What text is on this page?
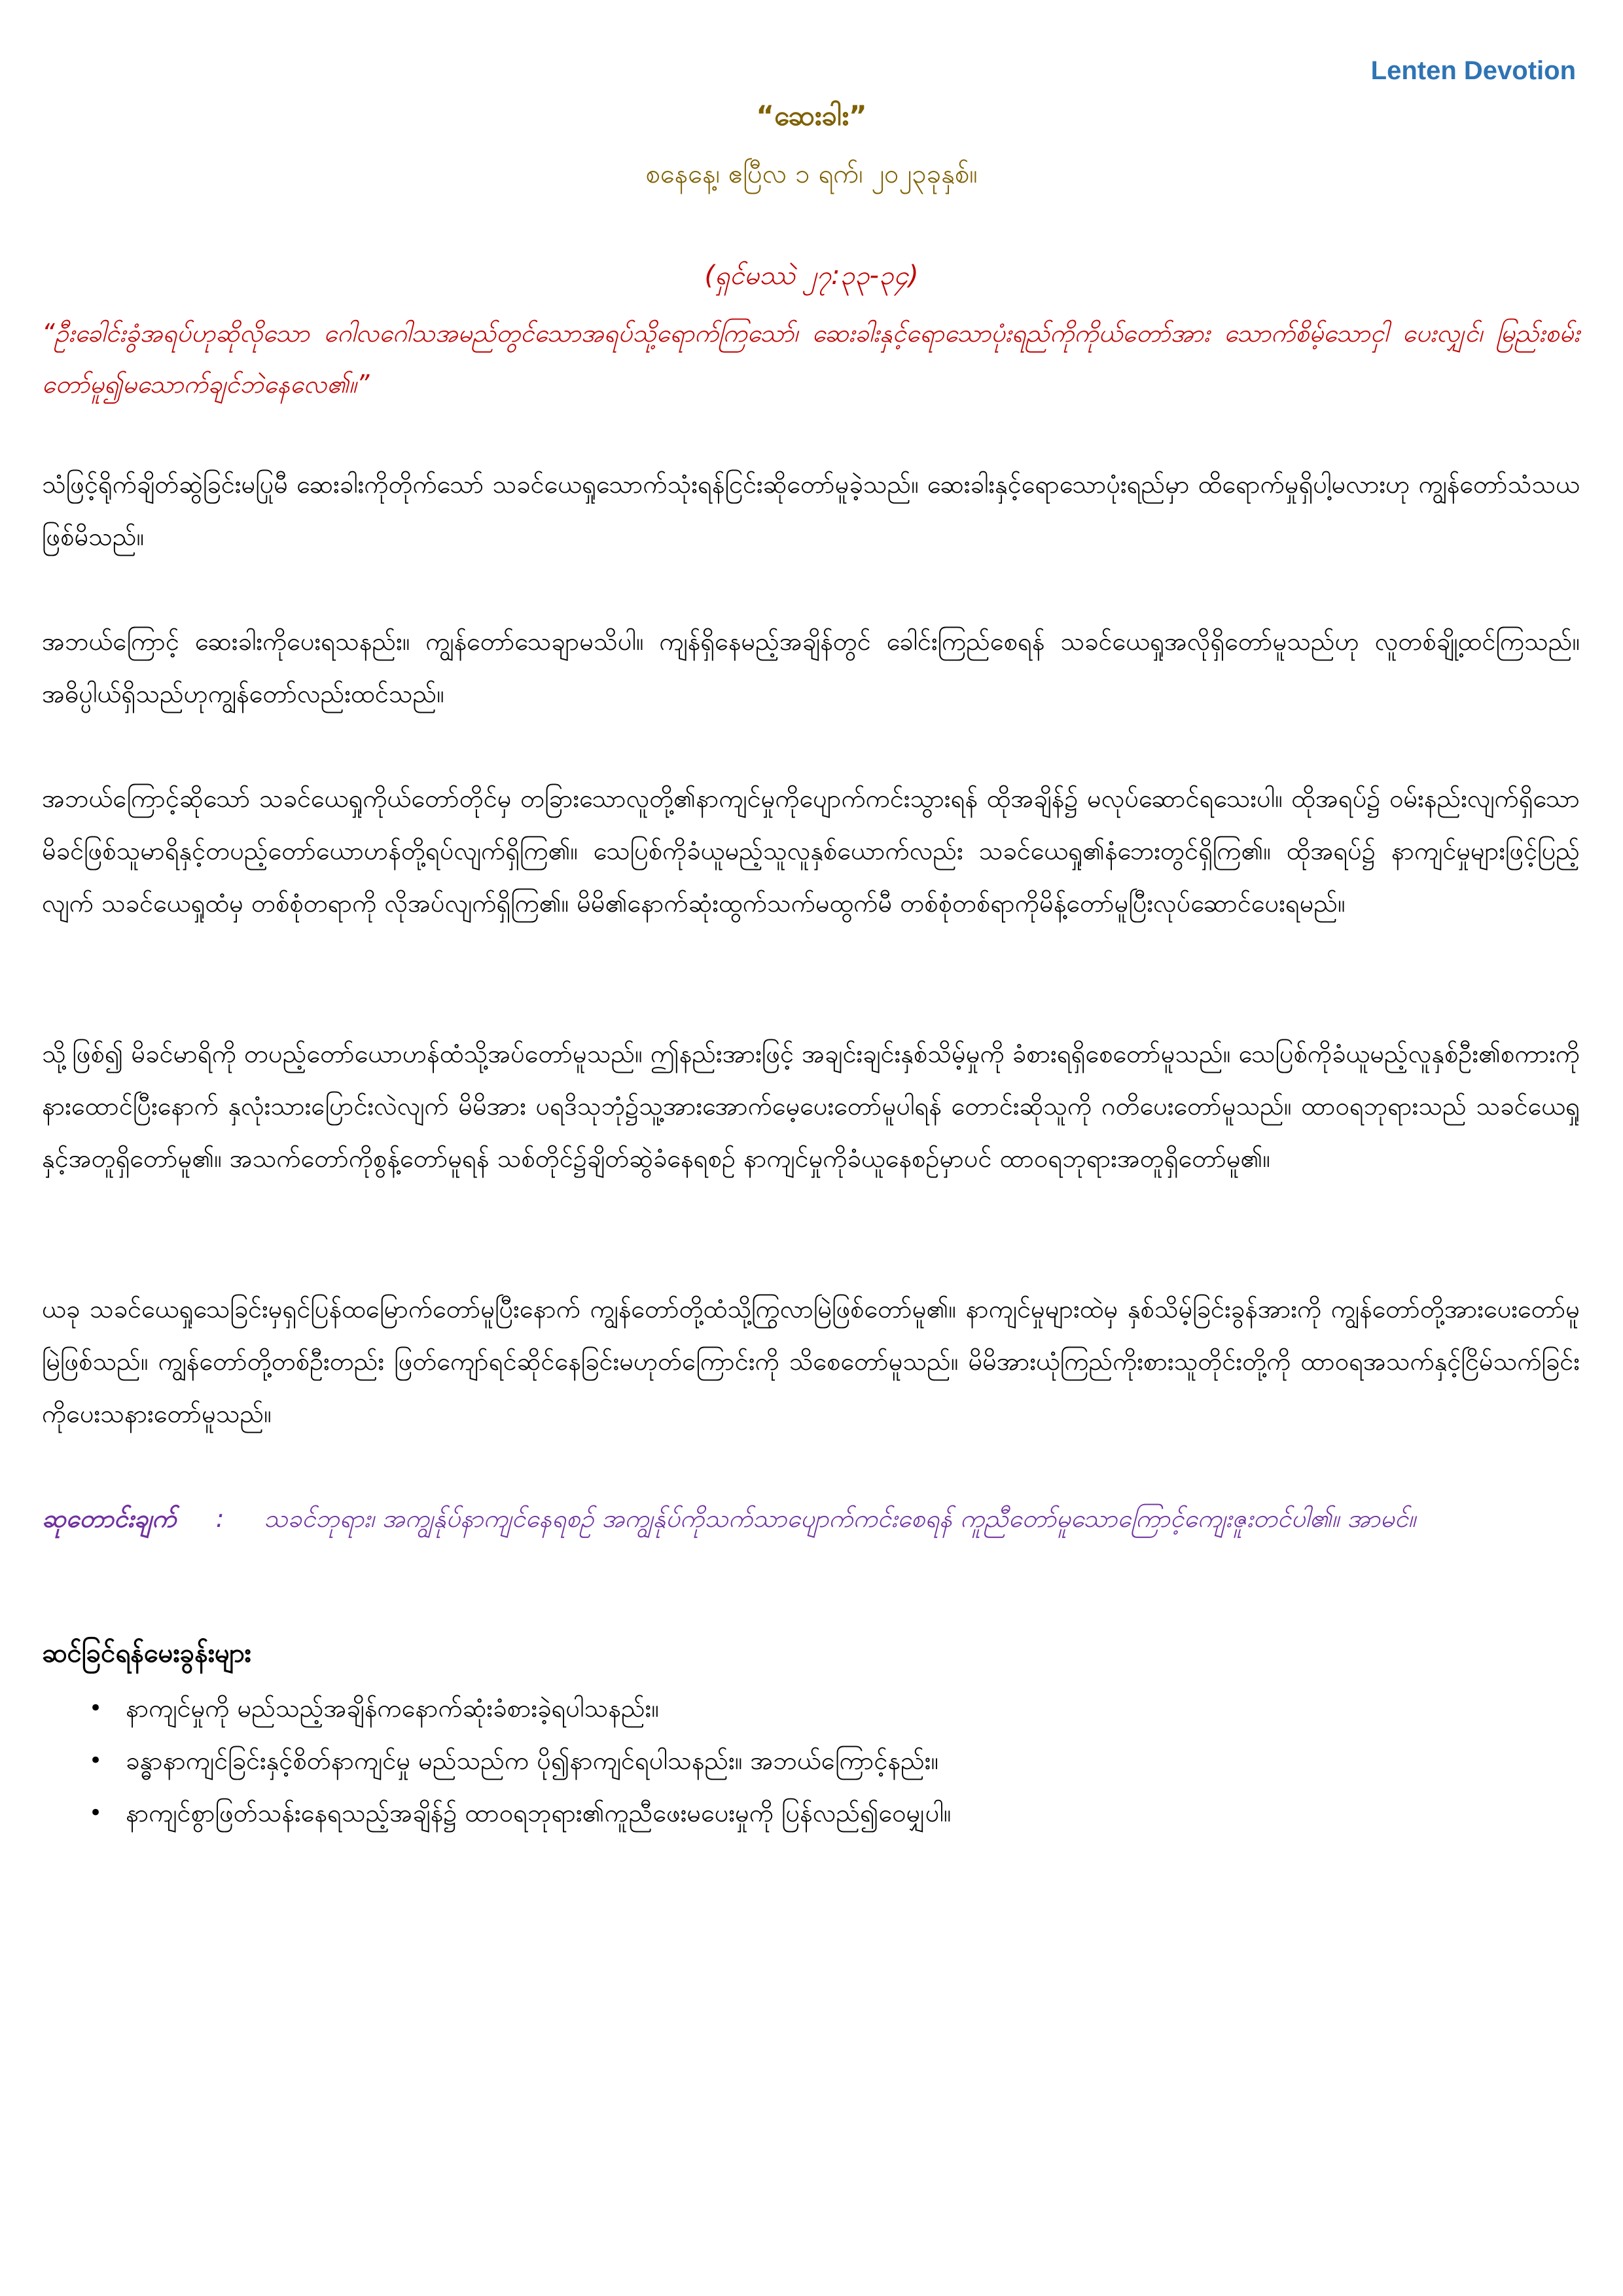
Lenten Devotion
“ဆေးခါး”
စနေနေ့၊ ဧပြီလ ၁ ရက်၊ ၂၀၂၃ခုနှစ်။
(ရှင်မဿဲ ၂၇:၃၃-၃၄)
“ဦးခေါင်းခွံအရပ်ဟုဆိုလိုသော ဂေါလဂေါသအမည်တွင်သောအရပ်သို့ရောက်ကြသော်၊ ဆေးခါးနှင့်ရောသောပုံးရည်ကိုကိုယ်တော်အား သောက်စိမ့်သောငှါ ပေးလျှင်၊ မြည်းစမ်းတော်မူ၍မသောက်ချင်ဘဲနေလေ၏။”
သံဖြင့်ရိုက်ချိတ်ဆွဲခြင်းမပြုမီ ဆေးခါးကိုတိုက်သော် သခင်ယေရှုသောက်သုံးရန်ငြင်းဆိုတော်မူခဲ့သည်။ ဆေးခါးနှင့်ရောသောပုံးရည်မှာ ထိရောက်မှုရှိပါ့မလားဟု ကျွန်တော်သံသယဖြစ်မိသည်။
အဘယ်ကြောင့် ဆေးခါးကိုပေးရသနည်း။ ကျွန်တော်သေချာမသိပါ။ ကျန်ရှိနေမည့်အချိန်တွင် ခေါင်းကြည်စေရန် သခင်ယေရှုအလိုရှိတော်မူသည်ဟု လူတစ်ချို့ထင်ကြသည်။ အဓိပ္ပါယ်ရှိသည်ဟုကျွန်တော်လည်းထင်သည်။
အဘယ်ကြောင့်ဆိုသော် သခင်ယေရှုကိုယ်တော်တိုင်မှ တခြားသောလူတို့၏နာကျင်မှုကိုပျောက်ကင်းသွားရန် ထိုအချိန်၌ မလုပ်ဆောင်ရသေးပါ။ ထိုအရပ်၌ ဝမ်းနည်းလျက်ရှိသော မိခင်ဖြစ်သူမာရိနှင့်တပည့်တော်ယောဟန်တို့ရပ်လျက်ရှိကြ၏။ သေပြစ်ကိုခံယူမည့်သူလူနှစ်ယောက်လည်း သခင်ယေရှု၏နံဘေးတွင်ရှိကြ၏။ ထိုအရပ်၌ နာကျင်မှုများဖြင့်ပြည့်လျက် သခင်ယေရှုထံမှ တစ်စုံတရာကို လိုအပ်လျက်ရှိကြ၏။ မိမိ၏နောက်ဆုံးထွက်သက်မထွက်မီ တစ်စုံတစ်ရာကိုမိန့်တော်မူပြီးလုပ်ဆောင်ပေးရမည်။
သို့ဖြစ်၍ မိခင်မာရိကို တပည့်တော်ယောဟန်ထံသို့အပ်တော်မူသည်။ ဤနည်းအားဖြင့် အချင်းချင်းနှစ်သိမ့်မှုကို ခံစားရရှိစေတော်မူသည်။ သေပြစ်ကိုခံယူမည့်လူနှစ်ဦး၏စကားကို နားထောင်ပြီးနောက် နှလုံးသားပြောင်းလဲလျက် မိမိအား ပရဒိသုဘုံ၌သူ့အားအောက်မေ့ပေးတော်မူပါရန် တောင်းဆိုသူကို ဂတိပေးတော်မူသည်။ ထာဝရဘုရားသည် သခင်ယေရှုနှင့်အတူရှိတော်မူ၏။ အသက်တော်ကိုစွန့်တော်မူရန် သစ်တိုင်၌ချိတ်ဆွဲခံနေရစဉ် နာကျင်မှုကိုခံယူနေစဉ်မှာပင် ထာဝရဘုရားအတူရှိတော်မူ၏။
ယခု သခင်ယေရှုသေခြင်းမှရှင်ပြန်ထမြောက်တော်မူပြီးနောက် ကျွန်တော်တို့ထံသို့ကြွလာမြဲဖြစ်တော်မူ၏။ နာကျင်မှုများထဲမှ နှစ်သိမ့်ခြင်းခွန်အားကို ကျွန်တော်တို့အားပေးတော်မူမြဲဖြစ်သည်။ ကျွန်တော်တို့တစ်ဦးတည်း ဖြတ်ကျော်ရင်ဆိုင်နေခြင်းမဟုတ်ကြောင်းကို သိစေတော်မူသည်။ မိမိအားယုံကြည်ကိုးစားသူတိုင်းတို့ကို ထာဝရအသက်နှင့်ငြိမ်သက်ခြင်းကိုပေးသနားတော်မူသည်။
ဆုတောင်းချက် : သခင်ဘုရား၊ အကျွန်ုပ်နာကျင်နေရစဉ် အကျွန်ုပ်ကိုသက်သာပျောက်ကင်းစေရန် ကူညီတော်မူသောကြောင့်ကျေးဇူးတင်ပါ၏။ အာမင်။
ဆင်ခြင်ရန်မေးခွန်းများ
• နာကျင်မှုကို မည်သည့်အချိန်ကနောက်ဆုံးခံစားခဲ့ရပါသနည်း။
• ခန္ဓာနာကျင်ခြင်းနှင့်စိတ်နာကျင်မှု မည်သည်က ပို၍နာကျင်ရပါသနည်း။ အဘယ်ကြောင့်နည်း။
• နာကျင်စွာဖြတ်သန်းနေရသည့်အချိန်၌ ထာဝရဘုရား၏ကူညီဖေးမပေးမှုကို ပြန်လည်၍ဝေမျှပါ။
